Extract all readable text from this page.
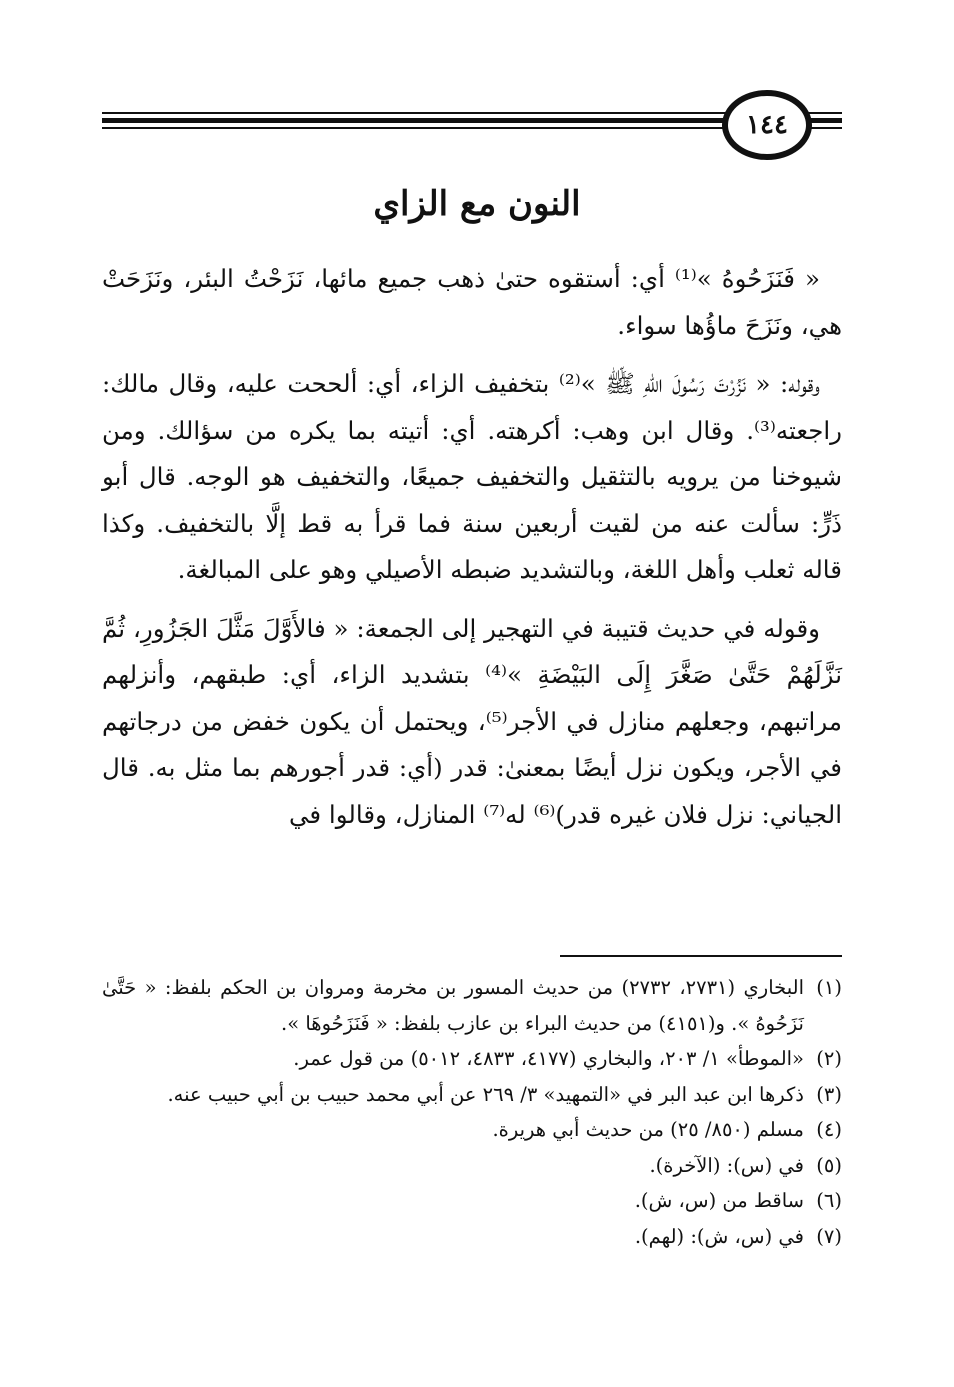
١٤٤
النون مع الزاي

« فَنَزَحُوهُ »⁽¹⁾ أي: أستقوه حتىٰ ذهب جميع مائها، نَزَحْتُ البئر، ونَزَحَتْ هي، ونَزَحَ ماؤُها سواء.

وقوله: « نَزُرْتَ رَسُولَ اللهِ ﷺ »⁽²⁾ بتخفيف الزاء، أي: ألححت عليه، وقال مالك: راجعته⁽³⁾. وقال ابن وهب: أكرهته. أي: أتيته بما يكره من سؤالك. ومن شيوخنا من يرويه بالتثقيل والتخفيف جميعًا، والتخفيف هو الوجه. قال أبو ذَرٍّ: سألت عنه من لقيت أربعين سنة فما قرأ به قط إلَّا بالتخفيف. وكذا قاله ثعلب وأهل اللغة، وبالتشديد ضبطه الأصيلي وهو على المبالغة.

وقوله في حديث قتيبة في التهجير إلى الجمعة: « فالأَوَّلَ مَثَّلَ الجَزُورِ، ثُمَّ نَزَّلَهُمْ حَتَّىٰ صَغَّرَ إِلَى البَيْضَةِ »⁽⁴⁾ بتشديد الزاء، أي: طبقهم، وأنزلهم مراتبهم، وجعلهم منازل في الأجر⁽⁵⁾، ويحتمل أن يكون خفض من درجاتهم في الأجر، ويكون نزل أيضًا بمعنىٰ: قدر (أي: قدر أجورهم بما مثل به. قال الجياني: نزل فلان غيره قدر)⁽⁶⁾ له⁽⁷⁾ المنازل، وقالوا في

(١)
البخاري (٢٧٣١، ٢٧٣٢) من حديث المسور بن مخرمة ومروان بن الحكم بلفظ: « حَتَّىٰ نَزَحُوهُ ». و(٤١٥١) من حديث البراء بن عازب بلفظ: « فَنَزَحُوهَا ».
(٢)
«الموطأ» ١/ ٢٠٣، والبخاري (٤١٧٧، ٤٨٣٣، ٥٠١٢) من قول عمر.
(٣)
ذكرها ابن عبد البر في «التمهيد» ٣/ ٢٦٩ عن أبي محمد حبيب بن أبي حبيب عنه.
(٤)
مسلم (٨٥٠/ ٢٥) من حديث أبي هريرة.
(٥)
في (س): (الآخرة).
(٦)
ساقط من (س، ش).
(٧)
في (س، ش): (لهم).
